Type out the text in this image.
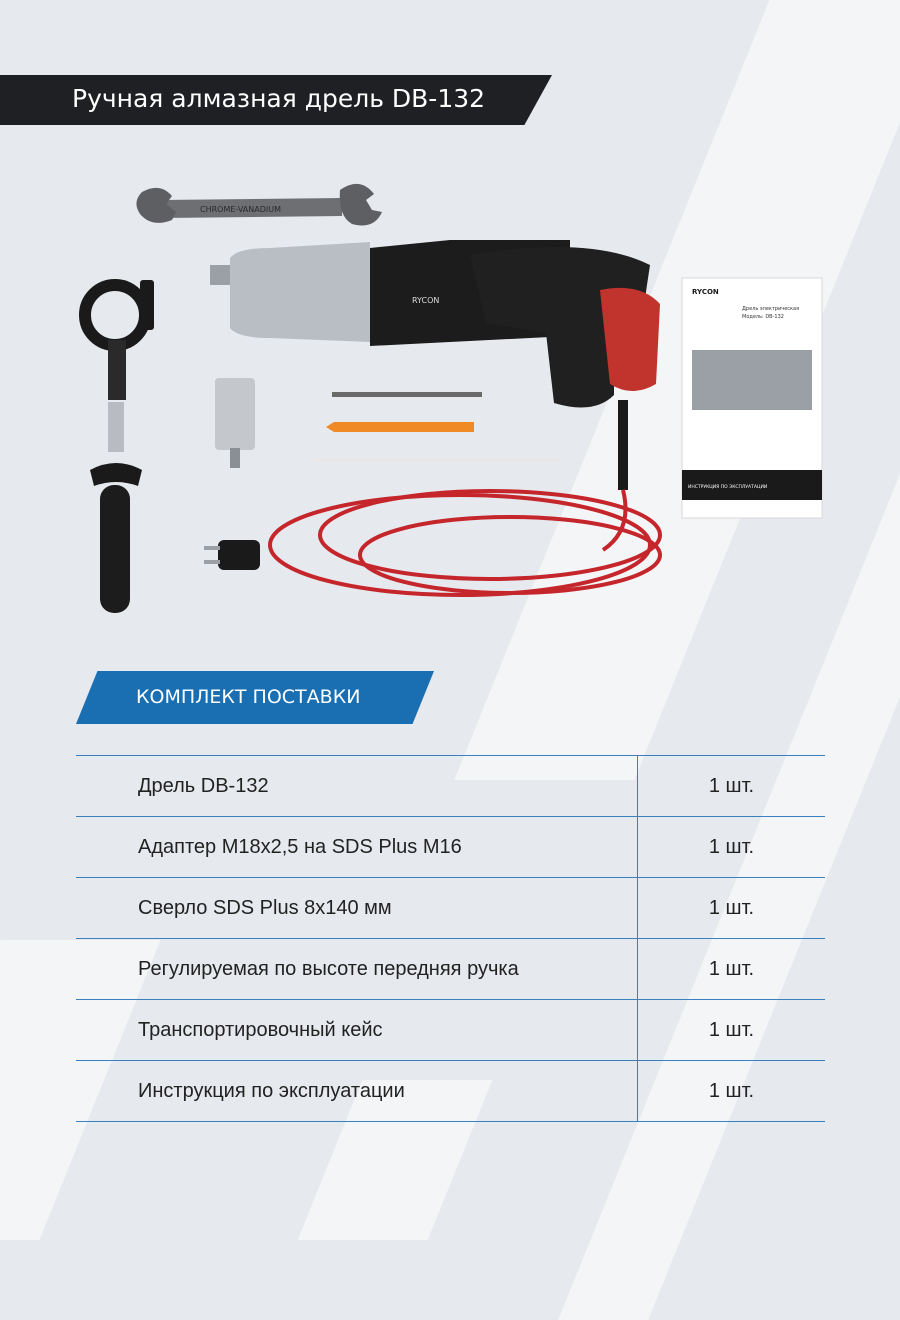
Ручная алмазная дрель DB-132
CHROME-VANADIUM
RYCON
RYCON
Дрель электрическая
Модель: DB-132
ИНСТРУКЦИЯ ПО ЭКСПЛУАТАЦИИ
КОМПЛЕКТ ПОСТАВКИ
Дрель DB-132	1 шт.
Адаптер М18х2,5 на SDS Plus M16	1 шт.
Сверло SDS Plus 8х140 мм	1 шт.
Регулируемая по высоте передняя ручка	1 шт.
Транспортировочный кейс	1 шт.
Инструкция по эксплуатации	1 шт.
